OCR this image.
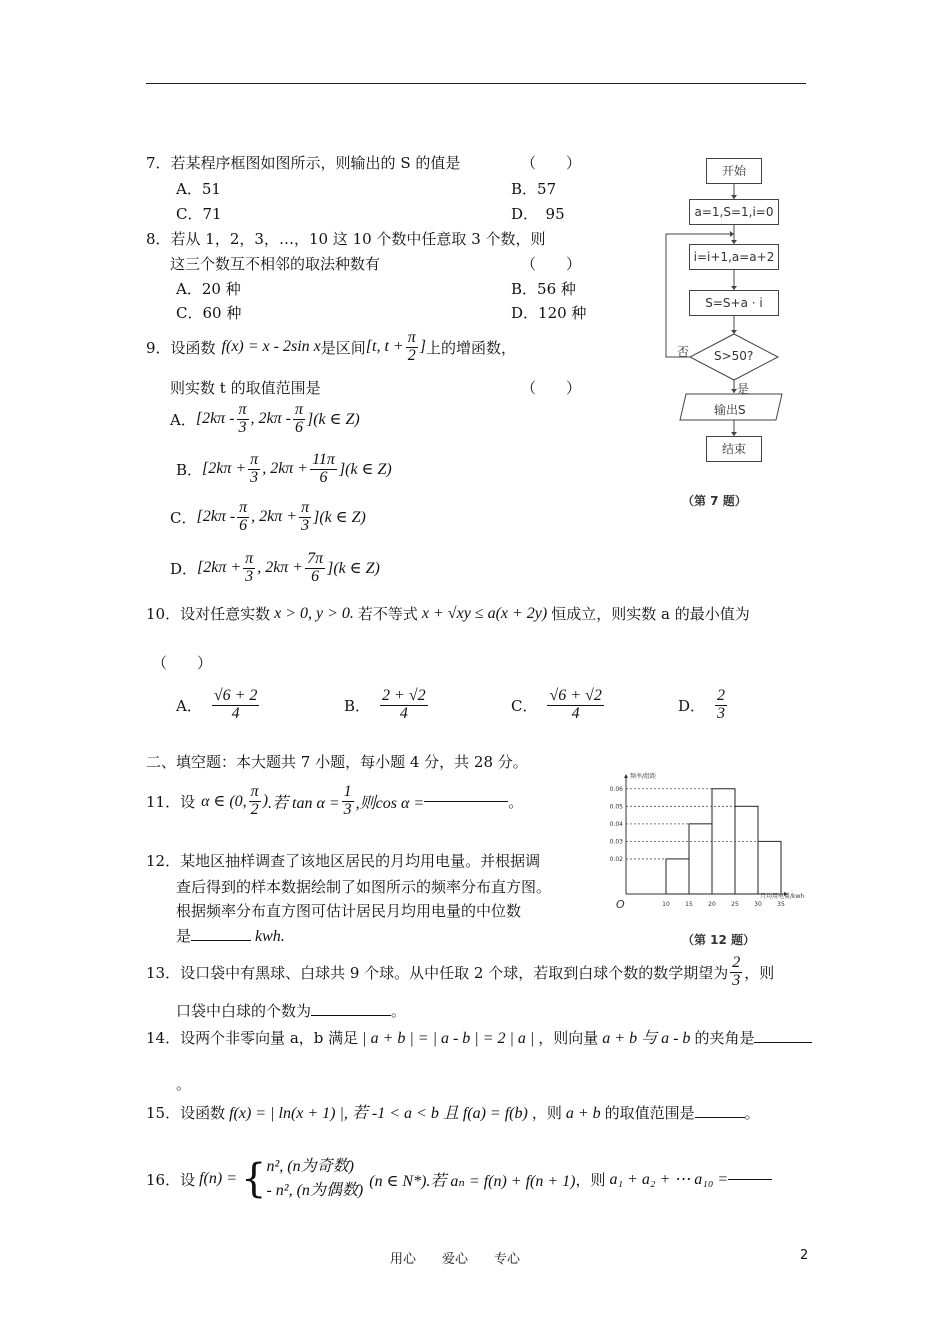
7．若某程序框图如图所示，则输出的 S 的值是	（　　）
A．51	B．57
C．71	D．　95
8．若从 1，2，3，…，10 这 10 个数中任意取 3 个数，则
这三个数互不相邻的取法种数有	（　　）
A．20 种	B．56 种
C．60 种	D．120 种
9．设函数 f(x) = x - 2sin x 是区间 [t, $t + \frac{\pi}{2}$ ] 上的增函数，
则实数 t 的取值范围是	（　　）
A． [$2k\pi - \frac{\pi}{3}$ , $2k\pi - \frac{\pi}{6} ](k$ ∈ Z)
B． [$2k\pi + \frac{\pi}{3}$ , $2k\pi + \frac{11\pi}{6} ](k$ ∈ Z)
C． [$2k\pi - \frac{\pi}{6}$ , $2k\pi + \frac{\pi}{3} ](k$ ∈ Z)
D． [$2k\pi + \frac{\pi}{3}$ , $2k\pi + \frac{7\pi}{6} ](k$ ∈ Z)
10．设对任意实数 x > 0, y > 0. 若不等式 x + √xy ≤ a(x + 2y) 恒成立，则实数 a 的最小值为
（　　）
A． $\frac{√6 + 2}{4}$	B． $\frac{2 + √2}{4}$	C． $\frac{√6 + √2}{4}$	D． $\frac{2}{3}$
二、填空题：本大题共 7 小题，每小题 4 分，共 28 分。
11．设 α ∈ (0, $\frac{\pi}{2}$ ) .若 $\tan \alpha = \frac{1}{3}$ ,则cos α =	。
12．某地区抽样调查了该地区居民的月均用电量。并根据调
查后得到的样本数据绘制了如图所示的频率分布直方图。
根据频率分布直方图可估计居民月均用电量的中位数
是	kwh.
13．设口袋中有黑球、白球共 9 个球。从中任取 2 个球，若取到白球个数的数学期望为 $\frac{2}{3}$ ，则
口袋中白球的个数为	。
14．设两个非零向量 a，b 满足 | a + b | = | a - b | = 2 | a | ，则向量 a + b 与 a - b 的夹角是
。
15．设函数 f(x) = | ln(x + 1) |, 若 -1 < a < b 且 f(a) = f(b) ，则 a + b 的取值范围是	。
16．设 f(n) = { n², (n为奇数)
- n², (n为偶数)
(n ∈ N*).若 aₙ = f(n) + f(n + 1) ，则 a₁ + a₂ + ⋯ a₁₀ =
开始
a=1,S=1,i=0
i=i+1,a=a+2
S=S+a · i
S>50?
否
是
输出S
结束
（第 7 题）
0.02
0.03
0.04
0.05
0.06
10	15	20	25	30	35
O
频率/组距
月均用电量/kwh
（第 12 题）
用心　　爱心　　专心	2
